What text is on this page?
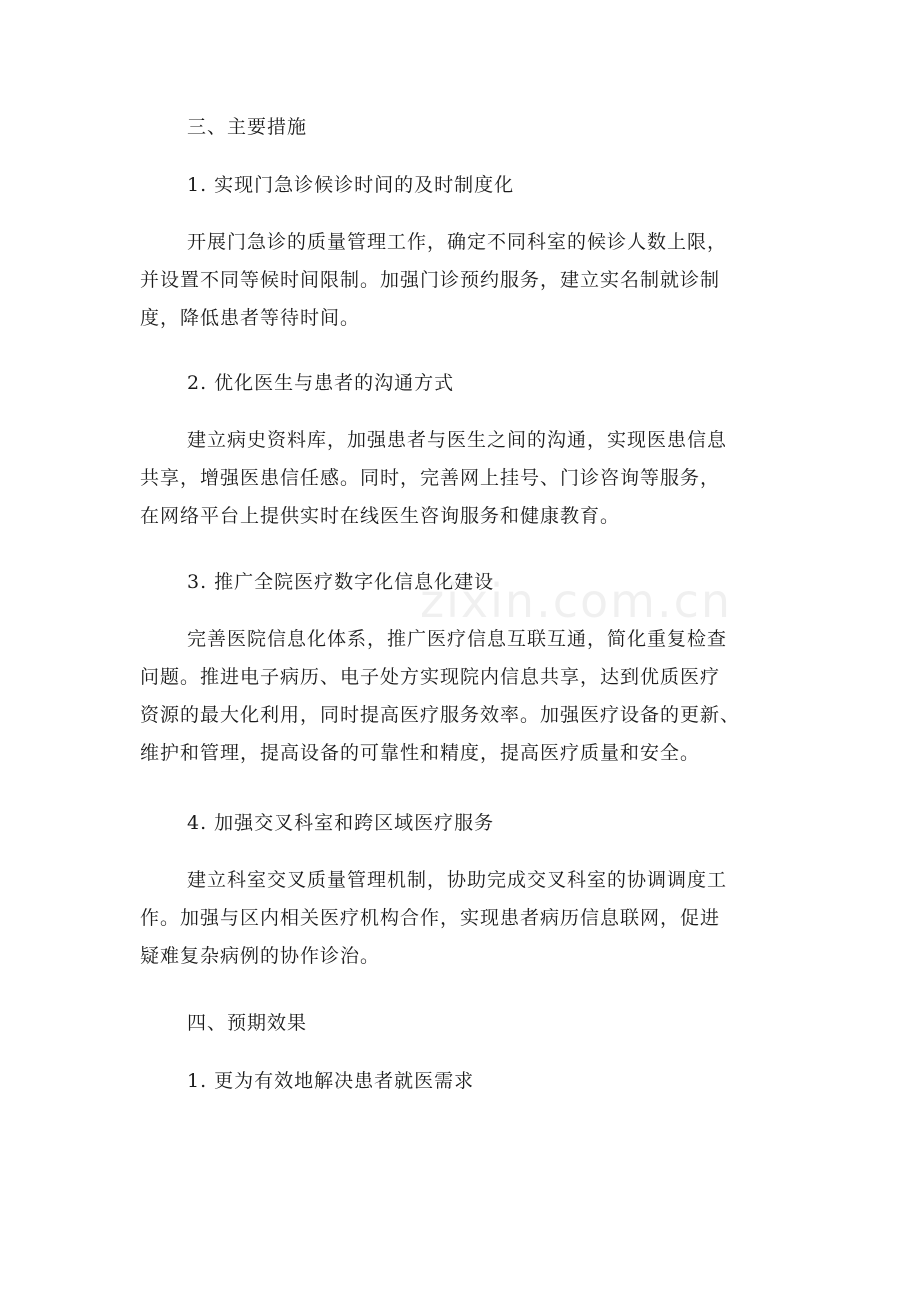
zixin.com.cn
三、主要措施
1. 实现门急诊候诊时间的及时制度化
开展门急诊的质量管理工作，确定不同科室的候诊人数上限，
并设置不同等候时间限制。加强门诊预约服务，建立实名制就诊制
度，降低患者等待时间。
2. 优化医生与患者的沟通方式
建立病史资料库，加强患者与医生之间的沟通，实现医患信息
共享，增强医患信任感。同时，完善网上挂号、门诊咨询等服务，
在网络平台上提供实时在线医生咨询服务和健康教育。
3. 推广全院医疗数字化信息化建设
完善医院信息化体系，推广医疗信息互联互通，简化重复检查
问题。推进电子病历、电子处方实现院内信息共享，达到优质医疗
资源的最大化利用，同时提高医疗服务效率。加强医疗设备的更新、
维护和管理，提高设备的可靠性和精度，提高医疗质量和安全。
4. 加强交叉科室和跨区域医疗服务
建立科室交叉质量管理机制，协助完成交叉科室的协调调度工
作。加强与区内相关医疗机构合作，实现患者病历信息联网，促进
疑难复杂病例的协作诊治。
四、预期效果
1. 更为有效地解决患者就医需求
